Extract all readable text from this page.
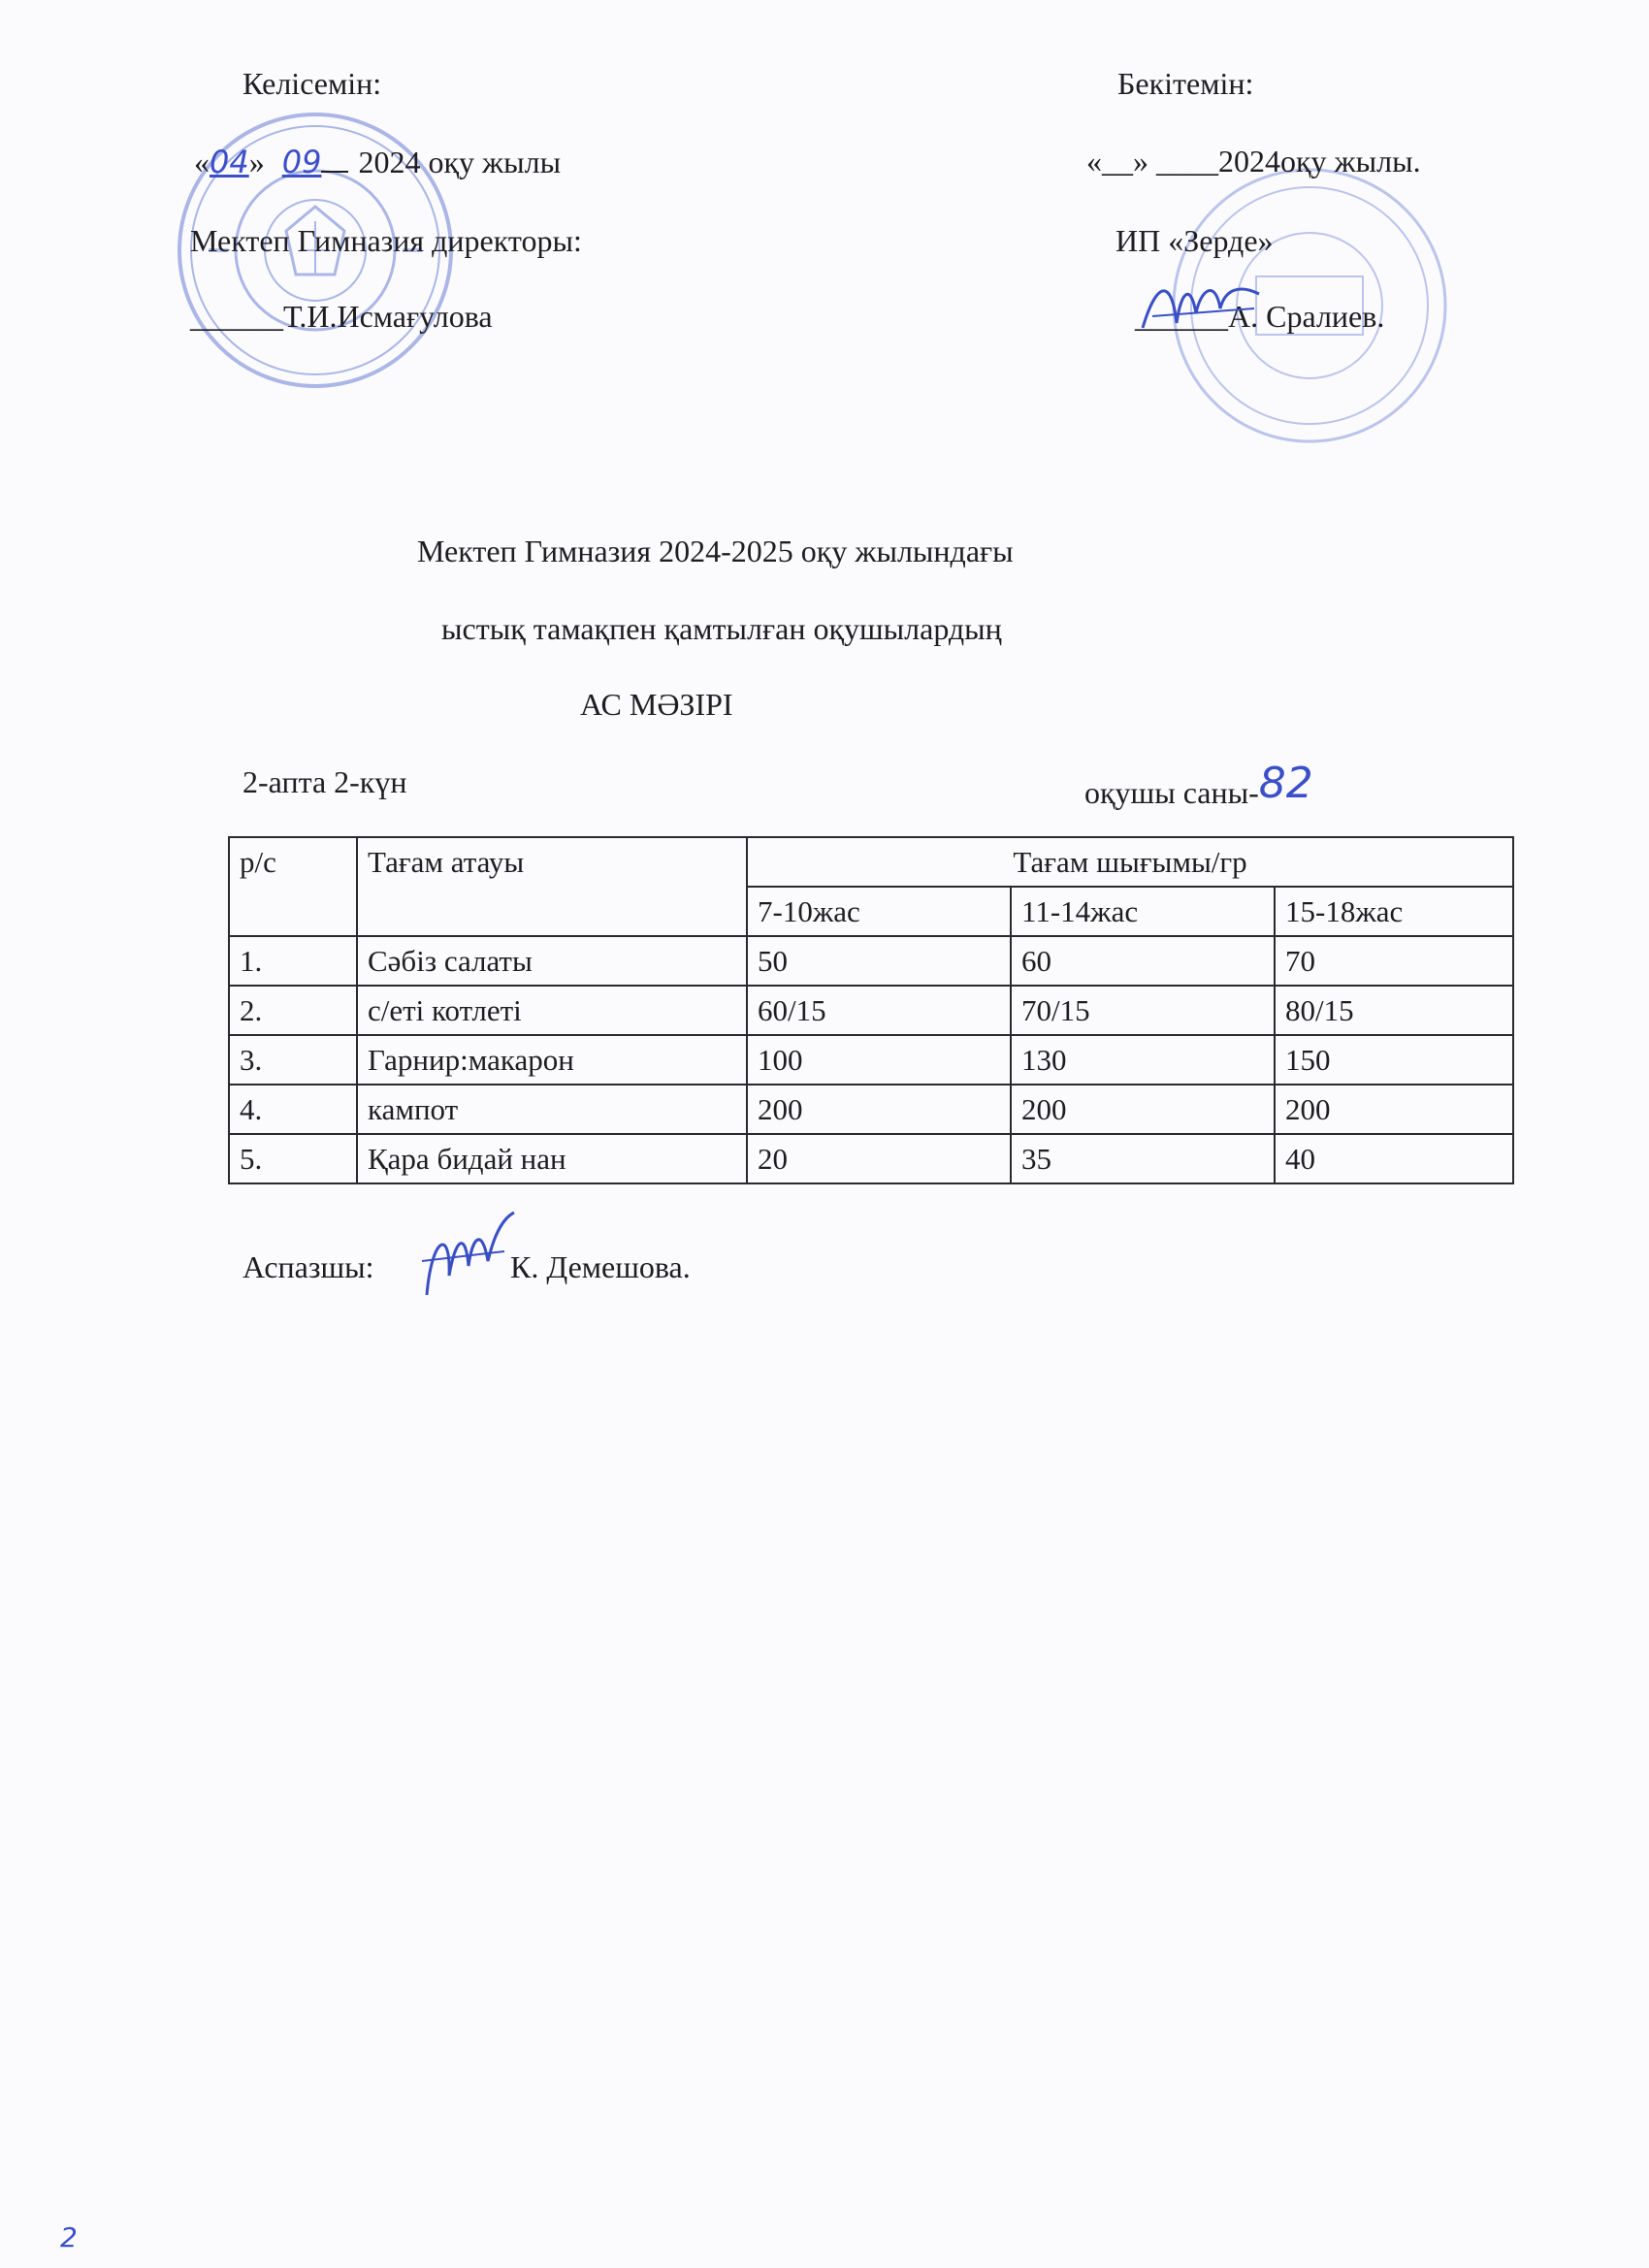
Келісемін:
«04» 09 2024 оқу жылы
Мектеп Гимназия директоры:
______Т.И.Исмағулова
Бекітемін:
«__» ____2024оқу жылы.
ИП «Зерде»
______А. Сралиев.
Мектеп Гимназия 2024-2025 оқу жылындағы
ыстық тамақпен қамтылған оқушылардың
АС МӘЗІРІ
2-апта 2-күн	оқушы саны-82
р/с	Тағам атауы	Тағам шығымы/гр		
		7-10жас	11-14жас	15-18жас
1.	Сәбіз салаты	50	60	70
2.	с/еті котлеті	60/15	70/15	80/15
3.	Гарнир:макарон	100	130	150
4.	кампот	200	200	200
5.	Қара бидай нан	20	35	40
Аспазшы:	К. Демешова.
2
